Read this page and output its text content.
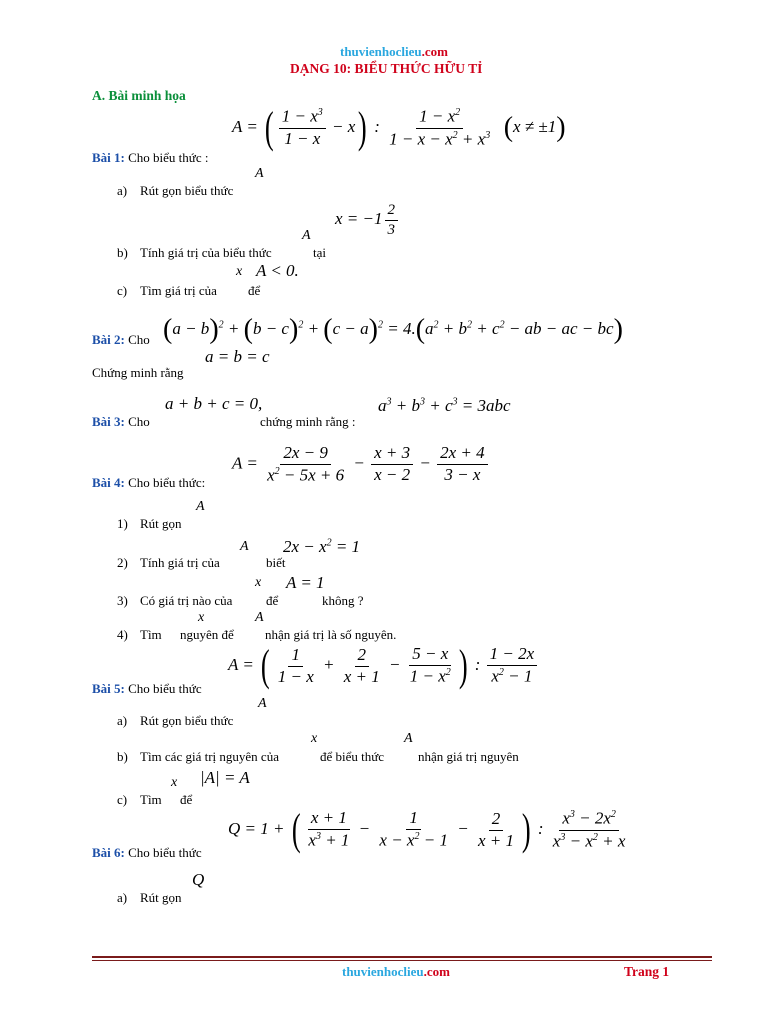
thuvienhoclieu.com
DẠNG 10: BIỂU THỨC HỮU TỈ
A. Bài minh họa
A = ( $\frac{1 - x^3}{1 - x} - x$) : $\frac{1 - x^2}{1 - x - x^2 + x^3} (x \ne \pm 1)$
Bài 1: Cho biểu thức :
A
a) Rút gọn biểu thức
$x = -1 \frac{2}{3}$
A
b) Tính giá trị của biểu thức	tại
x A < 0.
c) Tìm giá trị của để
$(a - b)^2 + (b - c)^2 + (c - a)^2 = 4.(a^2 + b^2 + c^2$ − ab − ac − bc)
Bài 2: Cho
a = b = c
Chứng minh rằng
a + b + c = 0,	$a^3 + b^3 + c^3 = 3abc$
Bài 3: Cho	chứng minh rằng :
$A = \frac{2x - 9}{x^2 - 5x + 6} - \frac{x + 3}{x - 2} - \frac{2x + 4}{3 - x}$
Bài 4: Cho biểu thức:
A
1) Rút gọn
A $2x - x^2 = 1$
2) Tính giá trị của	biết
x A = 1
3) Có giá trị nào của	để	không ?
x	A
4) Tìm nguyên để nhận giá trị là số nguyên.
A = ( $\frac{1}{1 - x} + \frac{2}{x + 1} - \frac{5 - x}{1 - x^2}$ ) : $\frac{1 - 2x}{x^2 - 1}$
Bài 5: Cho biểu thức
A
a) Rút gọn biểu thức
x	A
b) Tìm các giá trị nguyên của	để biểu thức	nhận giá trị nguyên
x |A| = A
c) Tìm để
Q = 1 + ( $\frac{x + 1}{x^3 + 1} - \frac{1}{x - x^2 - 1} - \frac{2}{x + 1}$ ) : $\frac{x^3 - 2x^2}{x^3 - x^2 + x}$
Bài 6: Cho biểu thức
Q
a) Rút gọn
thuvienhoclieu.com	Trang 1
